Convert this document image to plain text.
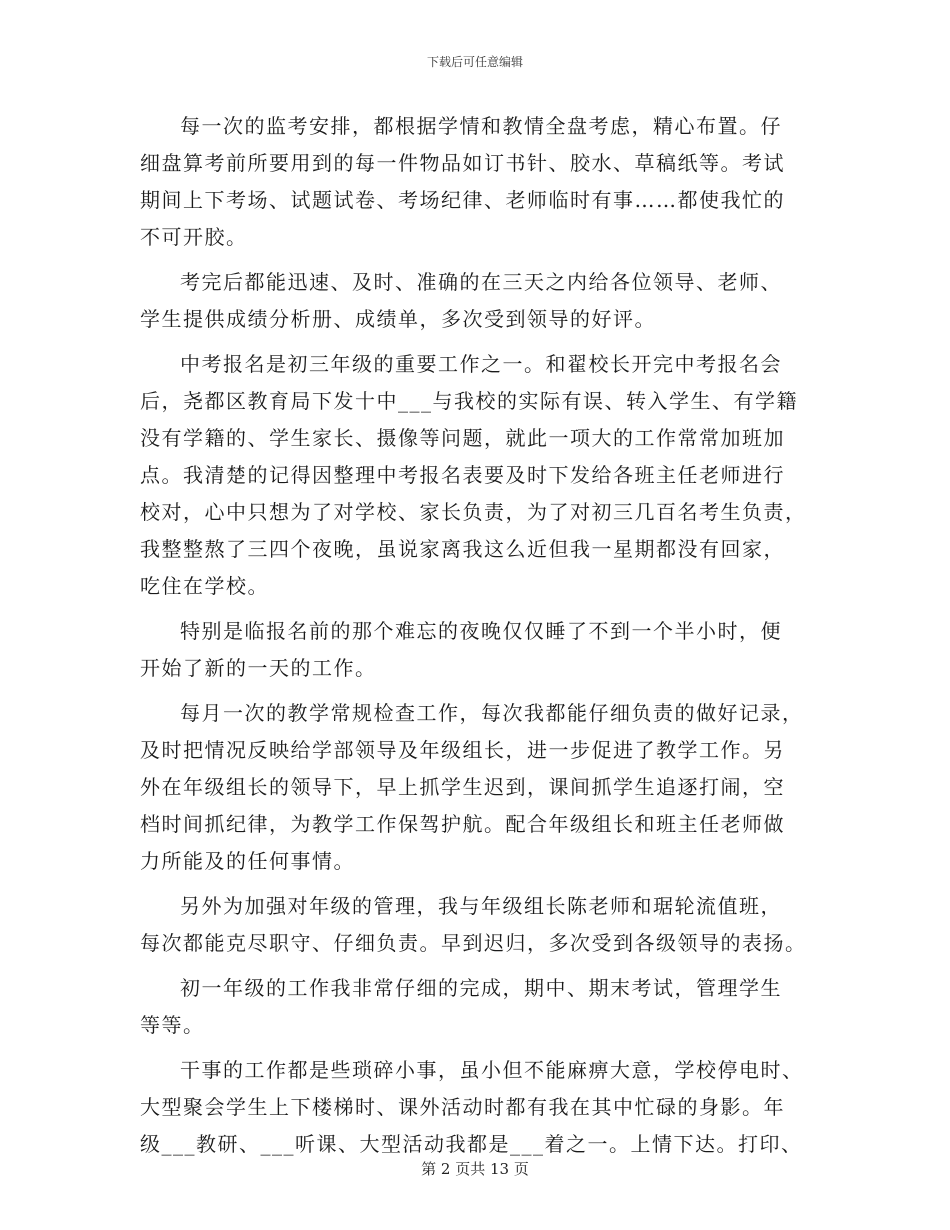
下载后可任意编辑

每一次的监考安排，都根据学情和教情全盘考虑，精心布置。仔
细盘算考前所要用到的每一件物品如订书针、胶水、草稿纸等。考试
期间上下考场、试题试卷、考场纪律、老师临时有事……都使我忙的
不可开胶。

考完后都能迅速、及时、准确的在三天之内给各位领导、老师、
学生提供成绩分析册、成绩单，多次受到领导的好评。

中考报名是初三年级的重要工作之一。和翟校长开完中考报名会
后，尧都区教育局下发十中___与我校的实际有误、转入学生、有学籍
没有学籍的、学生家长、摄像等问题，就此一项大的工作常常加班加
点。我清楚的记得因整理中考报名表要及时下发给各班主任老师进行
校对，心中只想为了对学校、家长负责，为了对初三几百名考生负责，
我整整熬了三四个夜晚，虽说家离我这么近但我一星期都没有回家，
吃住在学校。

特别是临报名前的那个难忘的夜晚仅仅睡了不到一个半小时，便
开始了新的一天的工作。

每月一次的教学常规检查工作，每次我都能仔细负责的做好记录，
及时把情况反映给学部领导及年级组长，进一步促进了教学工作。另
外在年级组长的领导下，早上抓学生迟到，课间抓学生追逐打闹，空
档时间抓纪律，为教学工作保驾护航。配合年级组长和班主任老师做
力所能及的任何事情。

另外为加强对年级的管理，我与年级组长陈老师和琚轮流值班，
每次都能克尽职守、仔细负责。早到迟归，多次受到各级领导的表扬。

初一年级的工作我非常仔细的完成，期中、期末考试，管理学生
等等。

干事的工作都是些琐碎小事，虽小但不能麻痹大意，学校停电时、
大型聚会学生上下楼梯时、课外活动时都有我在其中忙碌的身影。年
级___教研、___听课、大型活动我都是___着之一。上情下达。打印、

第 2 页共 13 页
